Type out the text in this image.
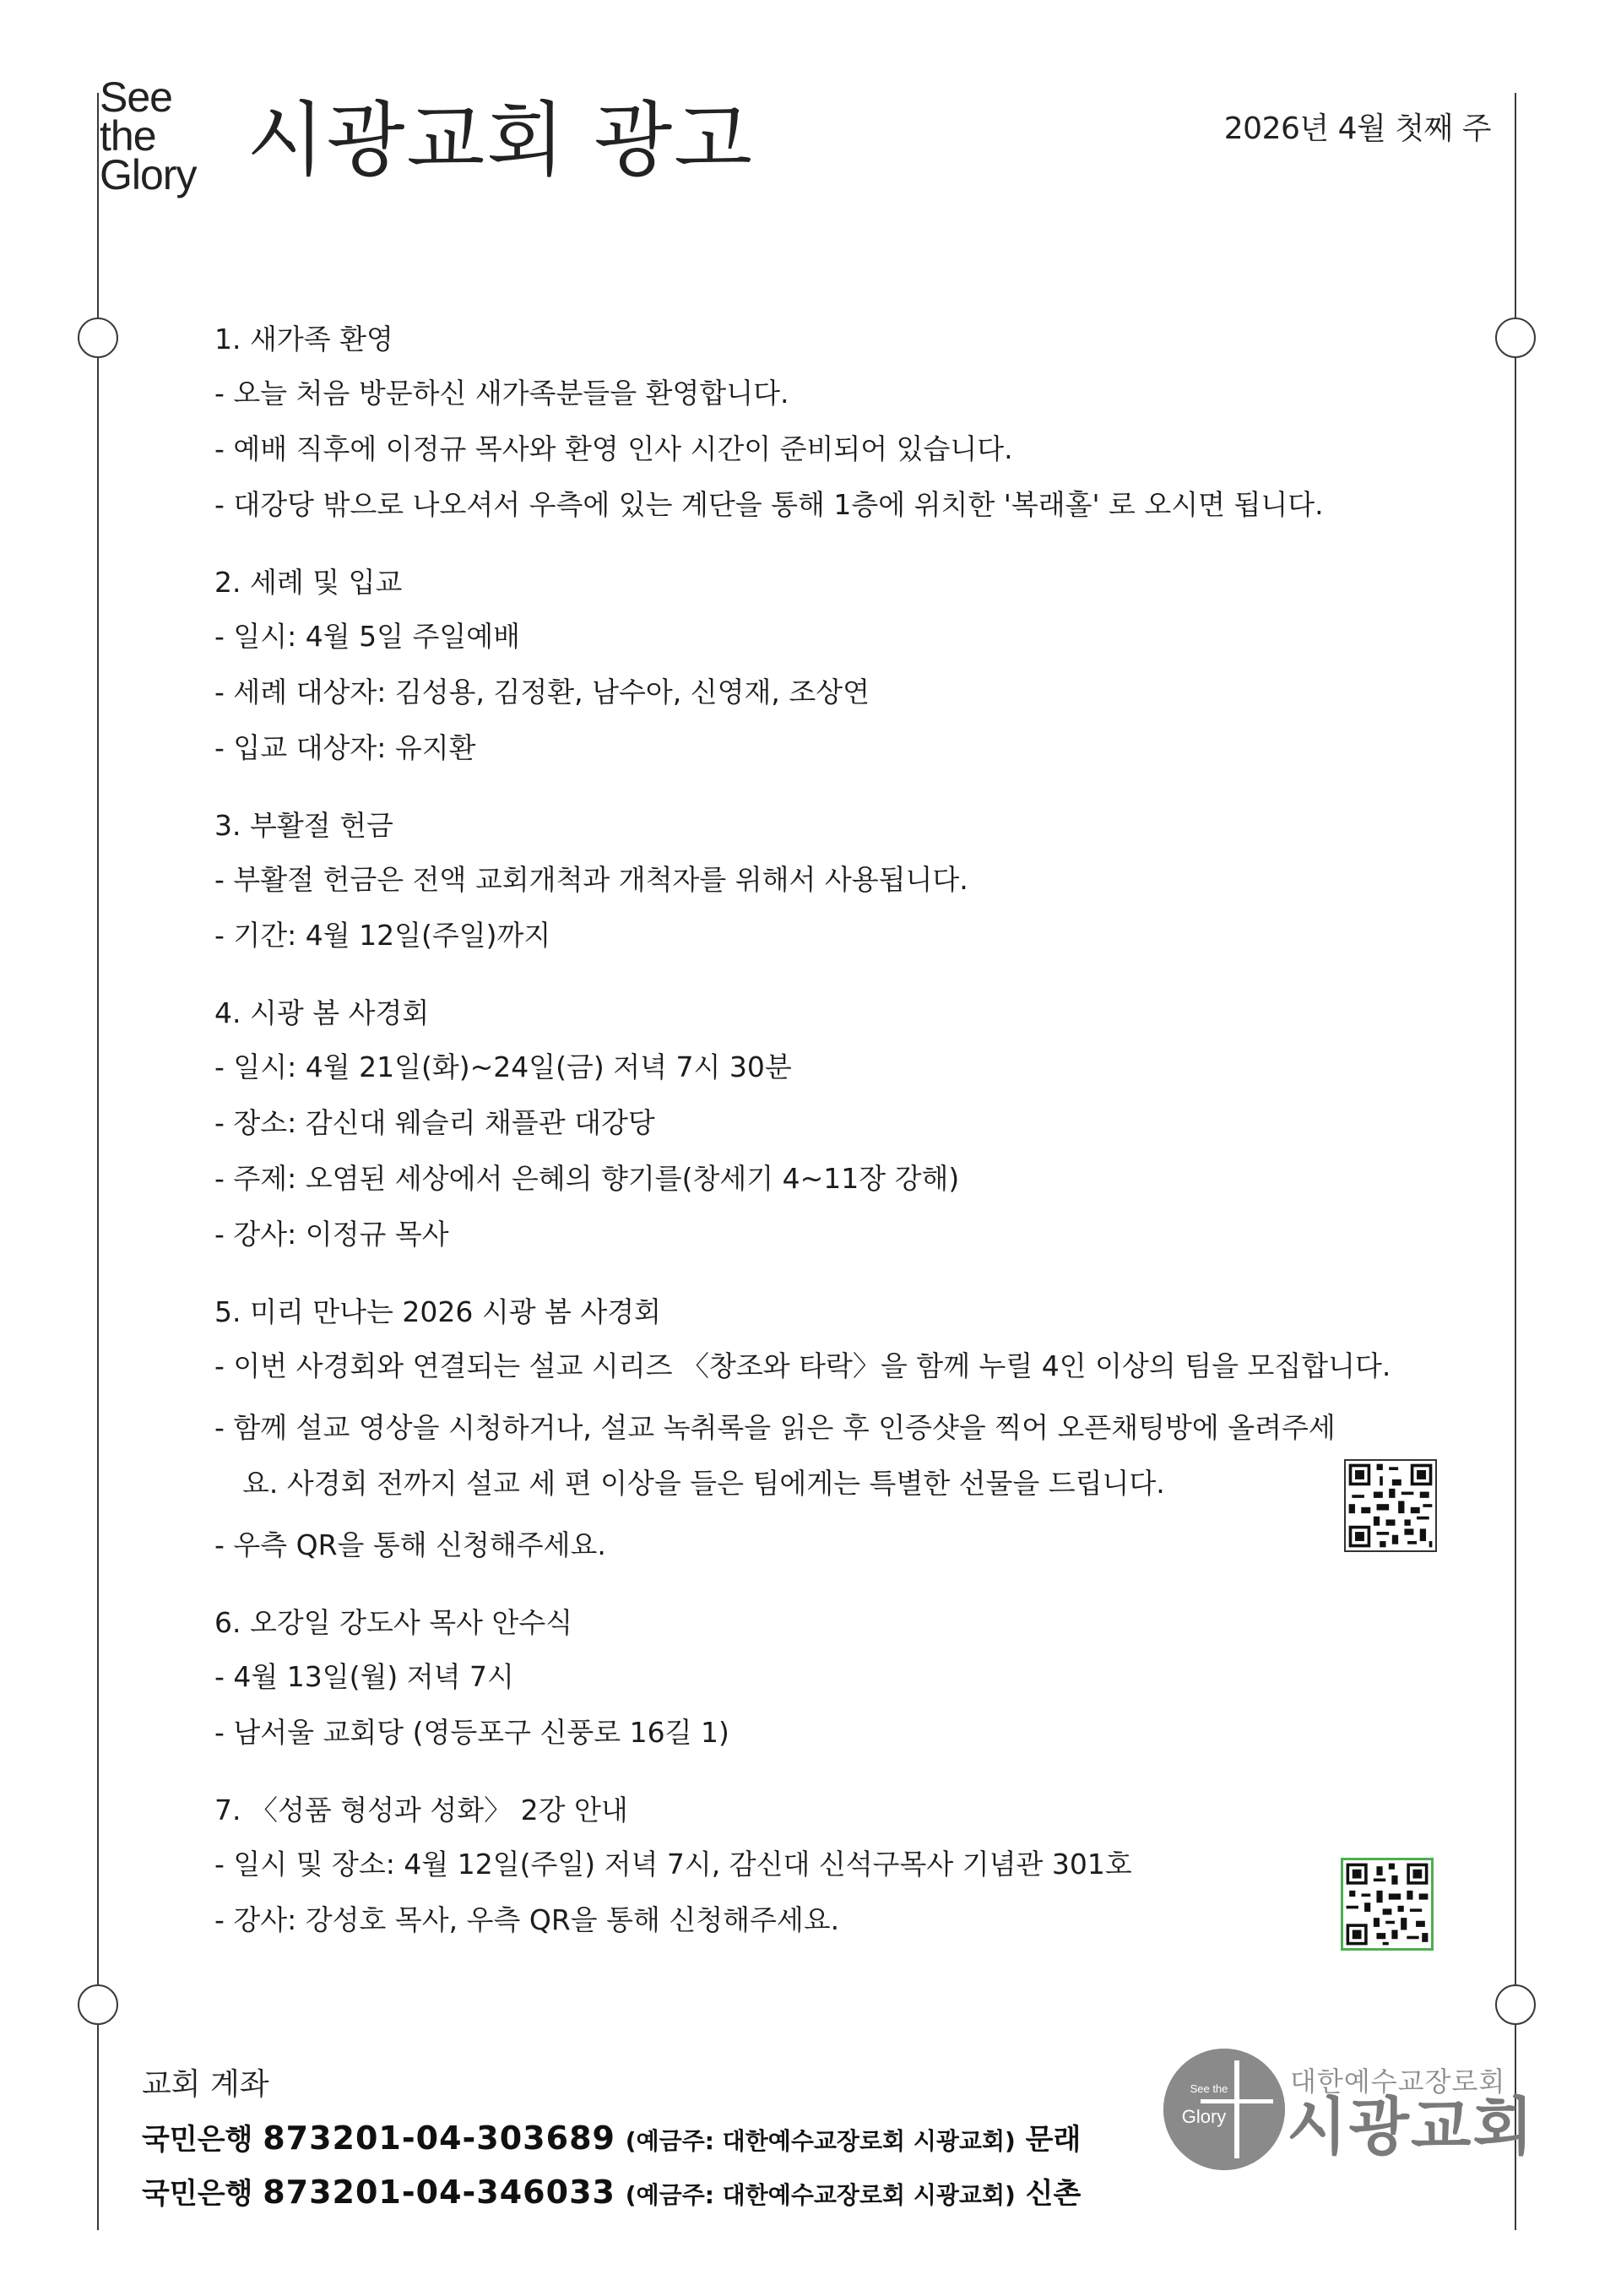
See
the
Glory 시광교회 광고	2026년 4월 첫째 주
1. 새가족 환영
- 오늘 처음 방문하신 새가족분들을 환영합니다.
- 예배 직후에 이정규 목사와 환영 인사 시간이 준비되어 있습니다.
- 대강당 밖으로 나오셔서 우측에 있는 계단을 통해 1층에 위치한 '복래홀' 로 오시면 됩니다.
2. 세례 및 입교
- 일시: 4월 5일 주일예배
- 세례 대상자: 김성용, 김정환, 남수아, 신영재, 조상연
- 입교 대상자: 유지환
3. 부활절 헌금
- 부활절 헌금은 전액 교회개척과 개척자를 위해서 사용됩니다.
- 기간: 4월 12일(주일)까지
4. 시광 봄 사경회
- 일시: 4월 21일(화)~24일(금) 저녁 7시 30분
- 장소: 감신대 웨슬리 채플관 대강당
- 주제: 오염된 세상에서 은혜의 향기를(창세기 4~11장 강해)
- 강사: 이정규 목사
5. 미리 만나는 2026 시광 봄 사경회
- 이번 사경회와 연결되는 설교 시리즈 〈창조와 타락〉을 함께 누릴 4인 이상의 팀을 모집합니다.
- 함께 설교 영상을 시청하거나, 설교 녹취록을 읽은 후 인증샷을 찍어 오픈채팅방에 올려주세요. 사경회 전까지 설교 세 편 이상을 들은 팀에게는 특별한 선물을 드립니다.
- 우측 QR을 통해 신청해주세요.
6. 오강일 강도사 목사 안수식
- 4월 13일(월) 저녁 7시
- 남서울 교회당 (영등포구 신풍로 16길 1)
7. 〈성품 형성과 성화〉 2강 안내
- 일시 및 장소: 4월 12일(주일) 저녁 7시, 감신대 신석구목사 기념관 301호
- 강사: 강성호 목사, 우측 QR을 통해 신청해주세요.
교회 계좌
국민은행 873201-04-303689 (예금주: 대한예수교장로회 시광교회) 문래
국민은행 873201-04-346033 (예금주: 대한예수교장로회 시광교회) 신촌
See the
Glory
대한예수교장로회
시광교회
